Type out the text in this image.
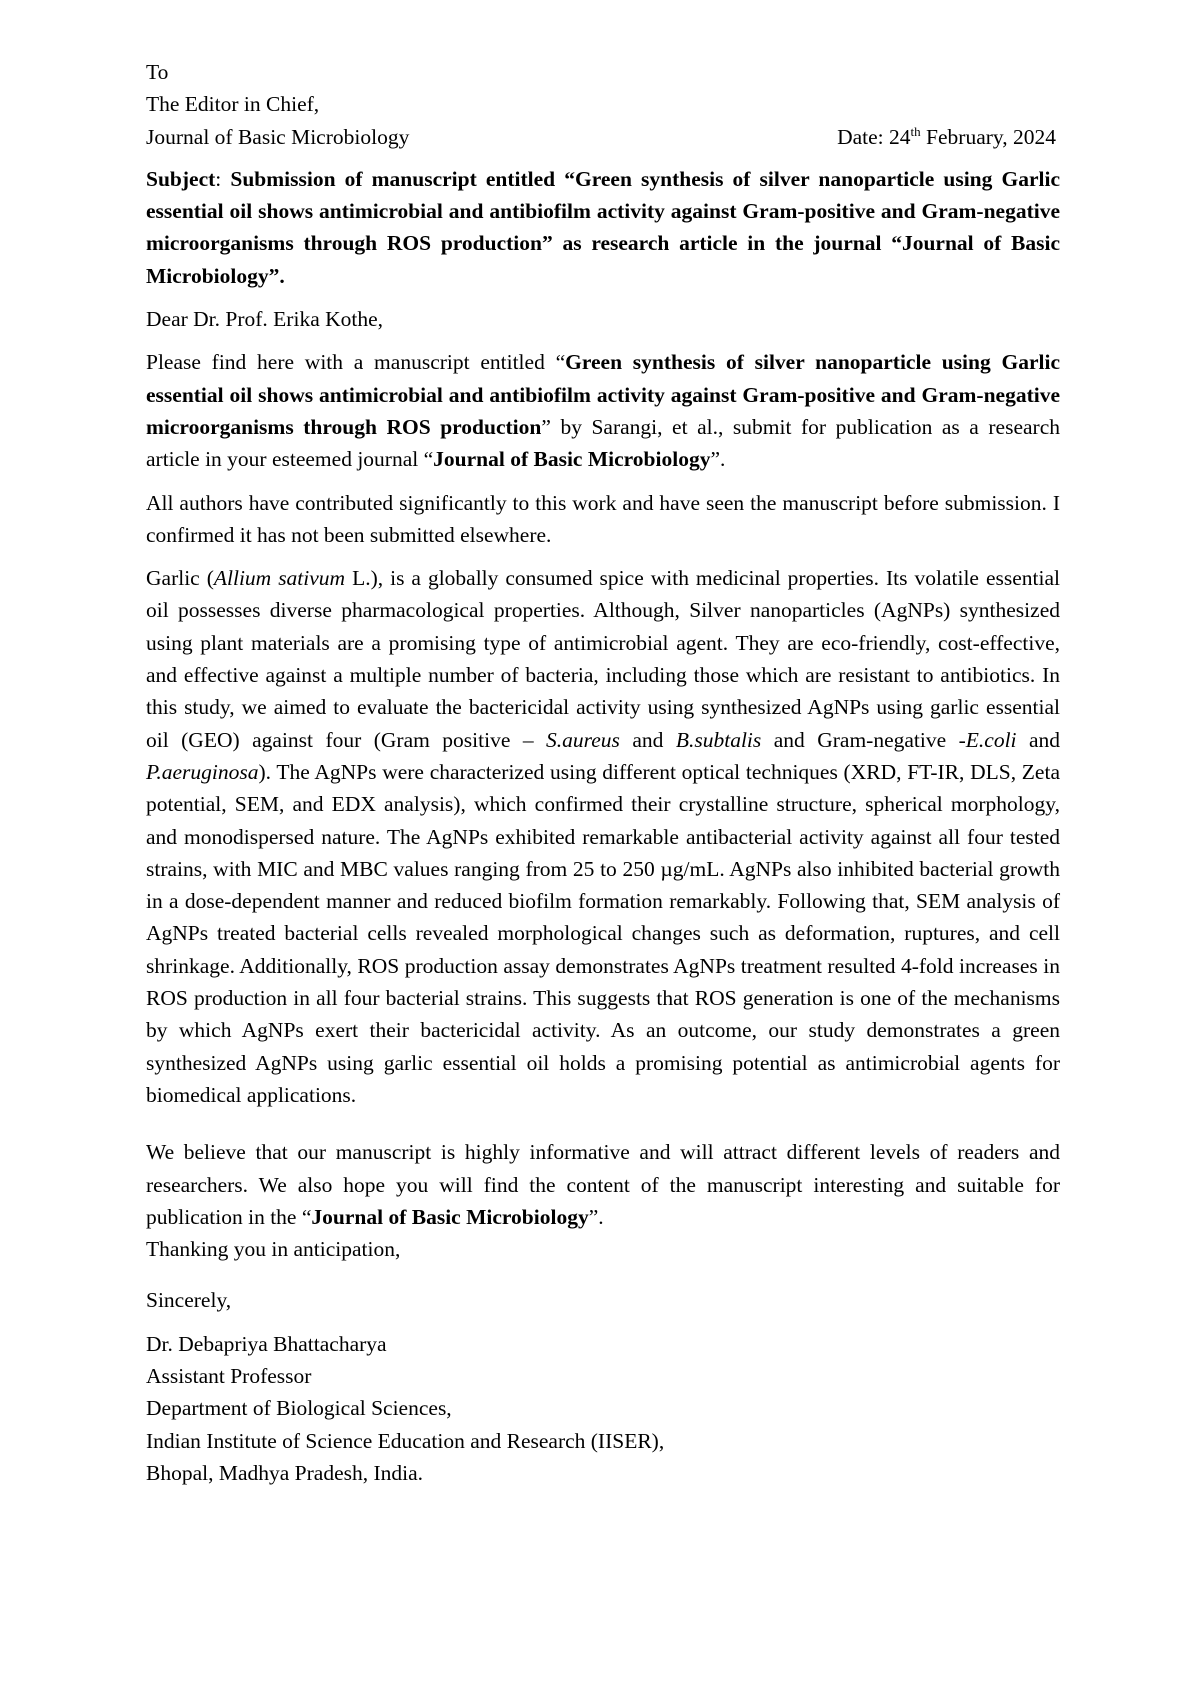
To
The Editor in Chief,
Journal of Basic Microbiology	Date: 24th February, 2024

Subject: Submission of manuscript entitled “Green synthesis of silver nanoparticle using Garlic essential oil shows antimicrobial and antibiofilm activity against Gram-positive and Gram-negative microorganisms through ROS production” as research article in the journal “Journal of Basic Microbiology”.

Dear Dr. Prof. Erika Kothe,

Please find here with a manuscript entitled “Green synthesis of silver nanoparticle using Garlic essential oil shows antimicrobial and antibiofilm activity against Gram-positive and Gram-negative microorganisms through ROS production” by Sarangi, et al., submit for publication as a research article in your esteemed journal “Journal of Basic Microbiology”.

All authors have contributed significantly to this work and have seen the manuscript before submission. I confirmed it has not been submitted elsewhere.

Garlic (Allium sativum L.), is a globally consumed spice with medicinal properties. Its volatile essential oil possesses diverse pharmacological properties. Although, Silver nanoparticles (AgNPs) synthesized using plant materials are a promising type of antimicrobial agent. They are eco-friendly, cost-effective, and effective against a multiple number of bacteria, including those which are resistant to antibiotics. In this study, we aimed to evaluate the bactericidal activity using synthesized AgNPs using garlic essential oil (GEO) against four (Gram positive – S.aureus and B.subtalis and Gram-negative -E.coli and P.aeruginosa). The AgNPs were characterized using different optical techniques (XRD, FT-IR, DLS, Zeta potential, SEM, and EDX analysis), which confirmed their crystalline structure, spherical morphology, and monodispersed nature. The AgNPs exhibited remarkable antibacterial activity against all four tested strains, with MIC and MBC values ranging from 25 to 250 µg/mL. AgNPs also inhibited bacterial growth in a dose-dependent manner and reduced biofilm formation remarkably. Following that, SEM analysis of AgNPs treated bacterial cells revealed morphological changes such as deformation, ruptures, and cell shrinkage. Additionally, ROS production assay demonstrates AgNPs treatment resulted 4-fold increases in ROS production in all four bacterial strains. This suggests that ROS generation is one of the mechanisms by which AgNPs exert their bactericidal activity. As an outcome, our study demonstrates a green synthesized AgNPs using garlic essential oil holds a promising potential as antimicrobial agents for biomedical applications.

We believe that our manuscript is highly informative and will attract different levels of readers and researchers. We also hope you will find the content of the manuscript interesting and suitable for publication in the “Journal of Basic Microbiology”.
Thanking you in anticipation,

Sincerely,

Dr. Debapriya Bhattacharya
Assistant Professor
Department of Biological Sciences,
Indian Institute of Science Education and Research (IISER),
Bhopal, Madhya Pradesh, India.
